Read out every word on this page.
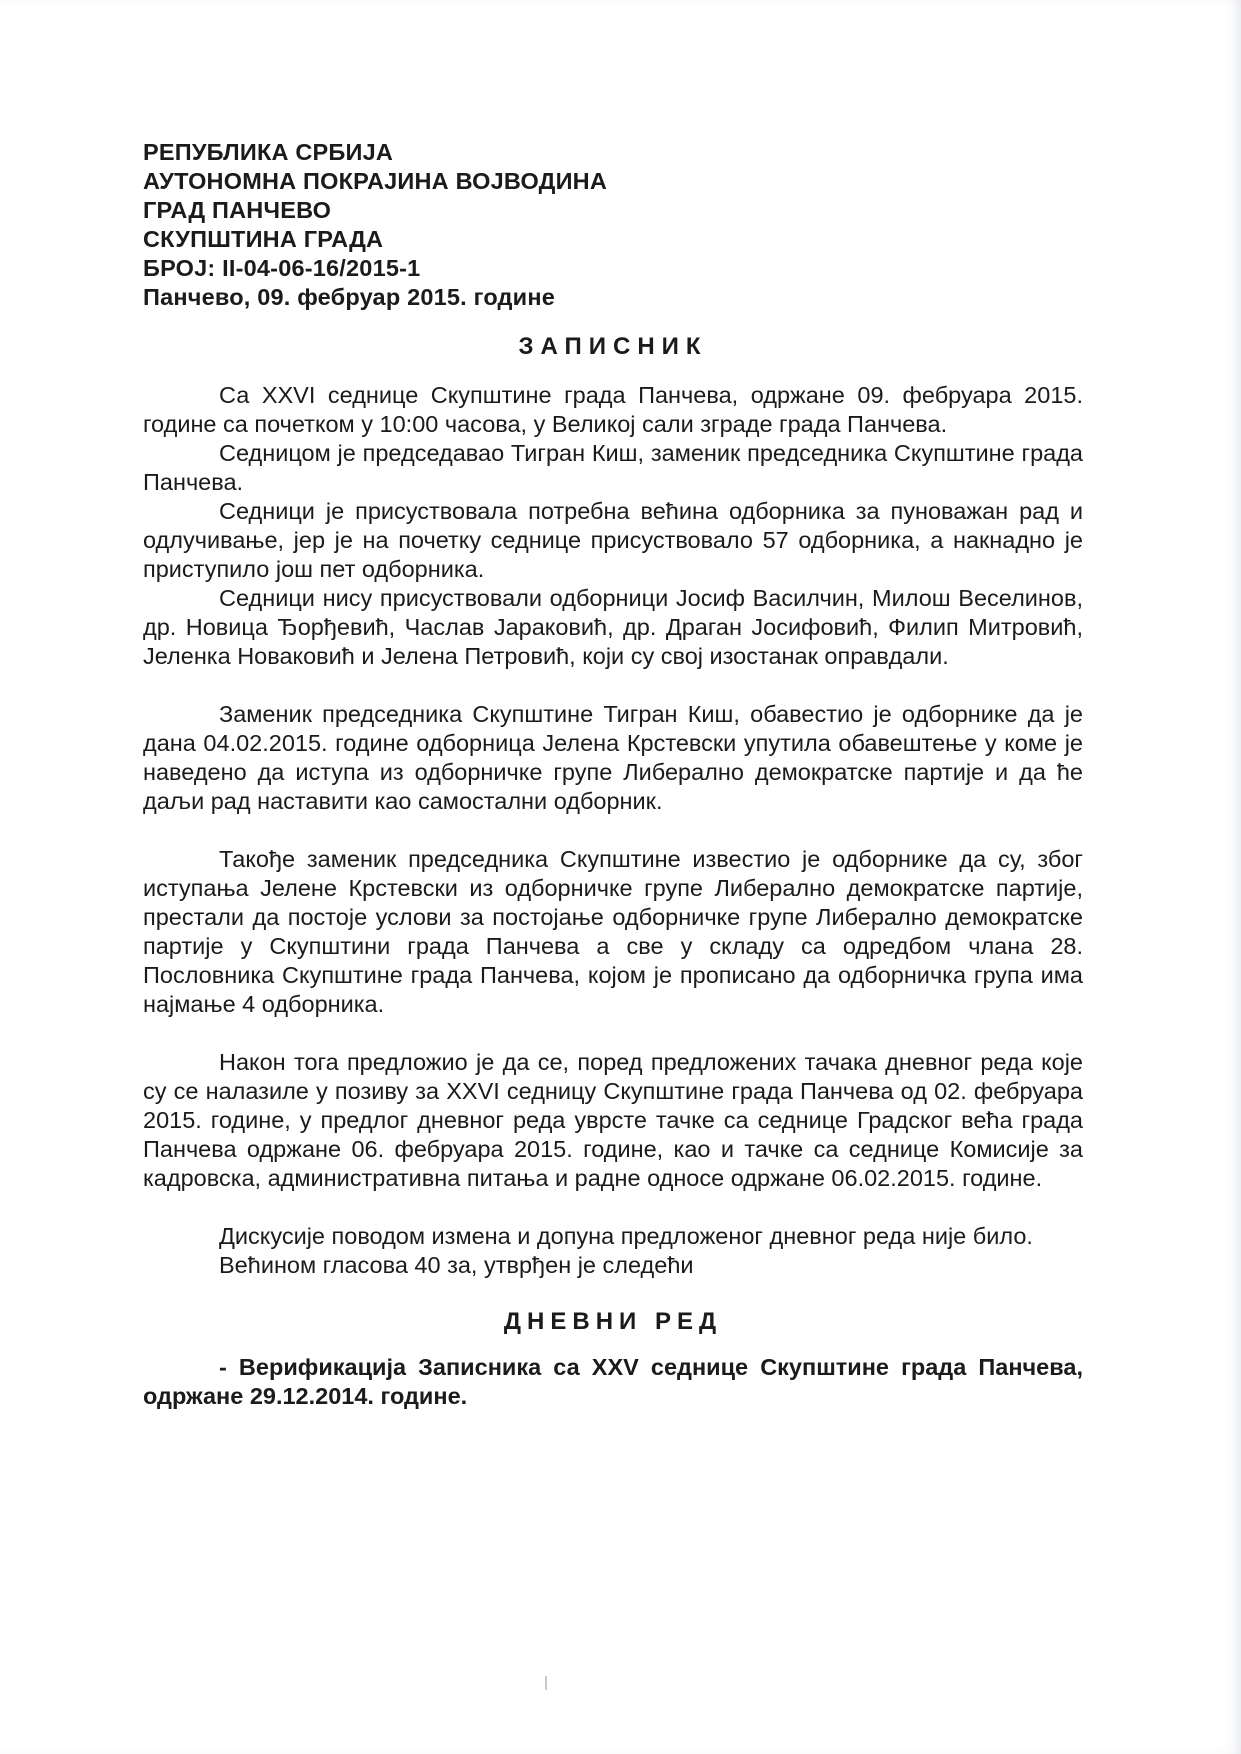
РЕПУБЛИКА СРБИЈА
АУТОНОМНА ПОКРАЈИНА ВОЈВОДИНА
ГРАД ПАНЧЕВО
СКУПШТИНА ГРАДА
БРОЈ: II-04-06-16/2015-1
Панчево, 09. фебруар 2015. године
ЗАПИСНИК

Са XXVI седнице Скупштине града Панчева, одржане 09. фебруара 2015. године са почетком у 10:00 часова, у Великој сали зграде града Панчева.

Седницом је председавао Тигран Киш, заменик председника Скупштине града Панчева.

Седници је присуствовала потребна већина одборника за пуноважан рад и одлучивање, јер је на почетку седнице присуствовало 57 одборника, а накнадно је приступило још пет одборника.

Седници нису присуствовали одборници Јосиф Василчин, Милош Веселинов, др. Новица Ђорђевић, Часлав Јараковић, др. Драган Јосифовић, Филип Митровић, Јеленка Новаковић и Јелена Петровић, који су свој изостанак оправдали.

Заменик председника Скупштине Тигран Киш, обавестио је одборнике да је дана 04.02.2015. године одборница Јелена Крстевски упутила обавештење у коме је наведено да иступа из одборничке групе Либерално демократске партије и да ће даљи рад наставити као самостални одборник.

Такође заменик председника Скупштине известио је одборнике да су, због иступања Јелене Крстевски из одборничке групе Либерално демократске партије, престали да постоје услови за постојање одборничке групе Либерално демократске партије у Скупштини града Панчева а све у складу са одредбом члана 28. Пословника Скупштине града Панчева, којом је прописано да одборничка група има најмање 4 одборника.

Након тога предложио је да се, поред предложених тачака дневног реда које су се налазиле у позиву за XXVI седницу Скупштине града Панчева од 02. фебруара 2015. године, у предлог дневног реда уврсте тачке са седнице Градског већа града Панчева одржане 06. фебруара 2015. године, као и тачке са седнице Комисије за кадровска, административна питања и радне односе одржане 06.02.2015. године.

Дискусије поводом измена и допуна предложеног дневног реда није било.

Већином гласова 40 за, утврђен је следећи

ДНЕВНИ РЕД

- Верификација Записника са XXV седнице Скупштине града Панчева, одржане 29.12.2014. године.
